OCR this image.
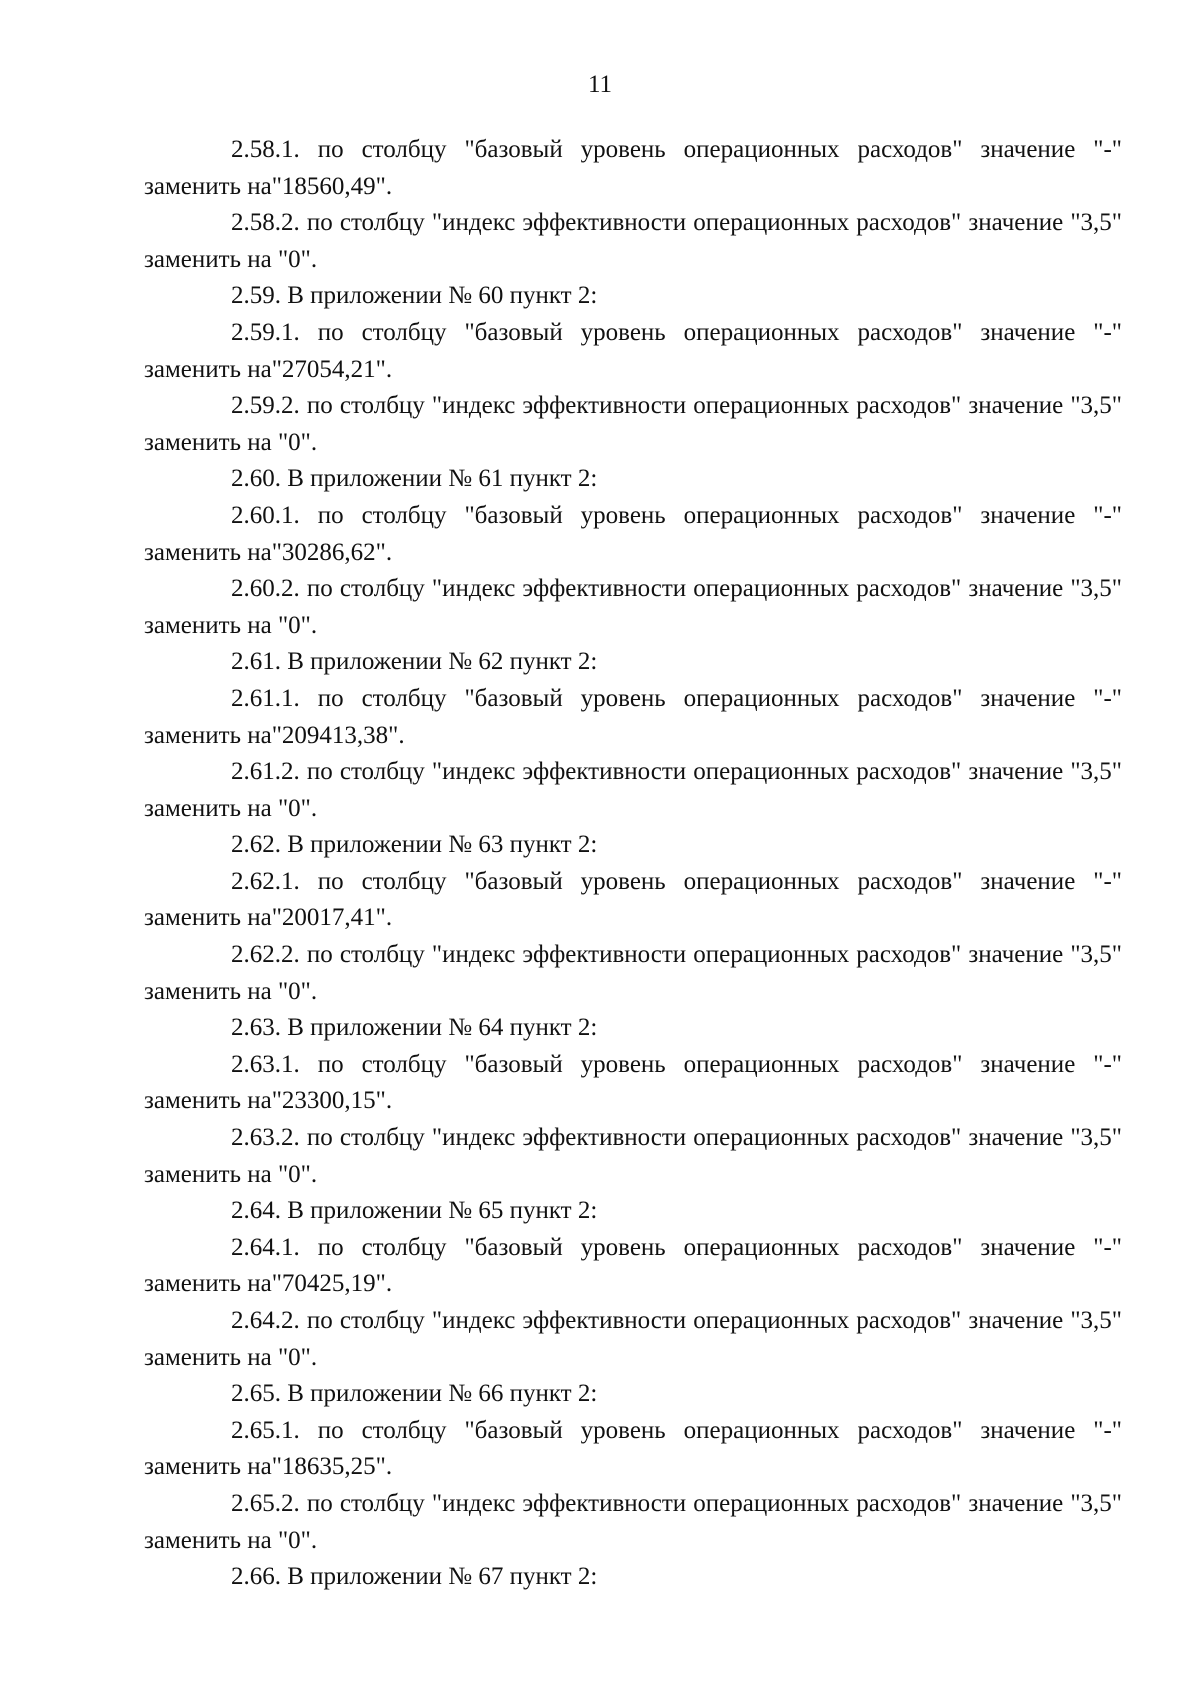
11

2.58.1. по столбцу "базовый уровень операционных расходов" значение "-" заменить на"18560,49".

2.58.2. по столбцу "индекс эффективности операционных расходов" значение "3,5" заменить на "0".

2.59. В приложении № 60 пункт 2:

2.59.1. по столбцу "базовый уровень операционных расходов" значение "-" заменить на"27054,21".

2.59.2. по столбцу "индекс эффективности операционных расходов" значение "3,5" заменить на "0".

2.60. В приложении № 61 пункт 2:

2.60.1. по столбцу "базовый уровень операционных расходов" значение "-" заменить на"30286,62".

2.60.2. по столбцу "индекс эффективности операционных расходов" значение "3,5" заменить на "0".

2.61. В приложении № 62 пункт 2:

2.61.1. по столбцу "базовый уровень операционных расходов" значение "-" заменить на"209413,38".

2.61.2. по столбцу "индекс эффективности операционных расходов" значение "3,5" заменить на "0".

2.62. В приложении № 63 пункт 2:

2.62.1. по столбцу "базовый уровень операционных расходов" значение "-" заменить на"20017,41".

2.62.2. по столбцу "индекс эффективности операционных расходов" значение "3,5" заменить на "0".

2.63. В приложении № 64 пункт 2:

2.63.1. по столбцу "базовый уровень операционных расходов" значение "-" заменить на"23300,15".

2.63.2. по столбцу "индекс эффективности операционных расходов" значение "3,5" заменить на "0".

2.64. В приложении № 65 пункт 2:

2.64.1. по столбцу "базовый уровень операционных расходов" значение "-" заменить на"70425,19".

2.64.2. по столбцу "индекс эффективности операционных расходов" значение "3,5" заменить на "0".

2.65. В приложении № 66 пункт 2:

2.65.1. по столбцу "базовый уровень операционных расходов" значение "-" заменить на"18635,25".

2.65.2. по столбцу "индекс эффективности операционных расходов" значение "3,5" заменить на "0".

2.66. В приложении № 67 пункт 2:
